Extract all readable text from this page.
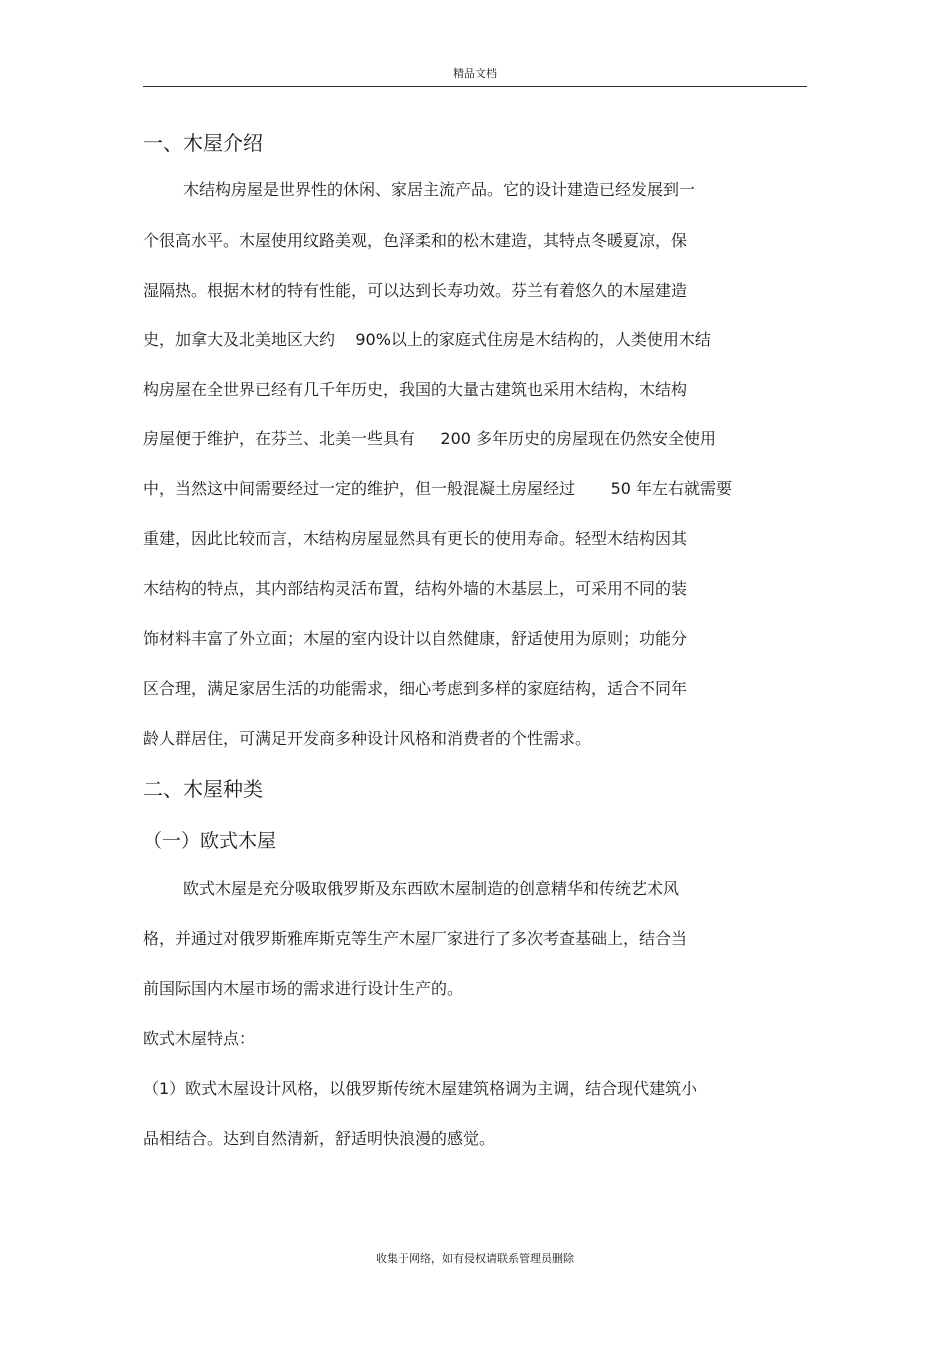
精品文档
一、木屋介绍
木结构房屋是世界性的休闲、家居主流产品。它的设计建造已经发展到一
个很高水平。木屋使用纹路美观，色泽柔和的松木建造，其特点冬暖夏凉，保
湿隔热。根据木材的特有性能，可以达到长寿功效。芬兰有着悠久的木屋建造
史，加拿大及北美地区大约    90%以上的家庭式住房是木结构的，人类使用木结
构房屋在全世界已经有几千年历史，我国的大量古建筑也采用木结构，木结构
房屋便于维护，在芬兰、北美一些具有     200 多年历史的房屋现在仍然安全使用
中，当然这中间需要经过一定的维护，但一般混凝土房屋经过       50 年左右就需要
重建，因此比较而言，木结构房屋显然具有更长的使用寿命。轻型木结构因其
木结构的特点，其内部结构灵活布置，结构外墙的木基层上，可采用不同的装
饰材料丰富了外立面；木屋的室内设计以自然健康，舒适使用为原则；功能分
区合理，满足家居生活的功能需求，细心考虑到多样的家庭结构，适合不同年
龄人群居住，可满足开发商多种设计风格和消费者的个性需求。
二、木屋种类
（一）欧式木屋
欧式木屋是充分吸取俄罗斯及东西欧木屋制造的创意精华和传统艺术风
格，并通过对俄罗斯雅库斯克等生产木屋厂家进行了多次考查基础上，结合当
前国际国内木屋市场的需求进行设计生产的。
欧式木屋特点：
（1）欧式木屋设计风格，以俄罗斯传统木屋建筑格调为主调，结合现代建筑小
品相结合。达到自然清新，舒适明快浪漫的感觉。
收集于网络，如有侵权请联系管理员删除
